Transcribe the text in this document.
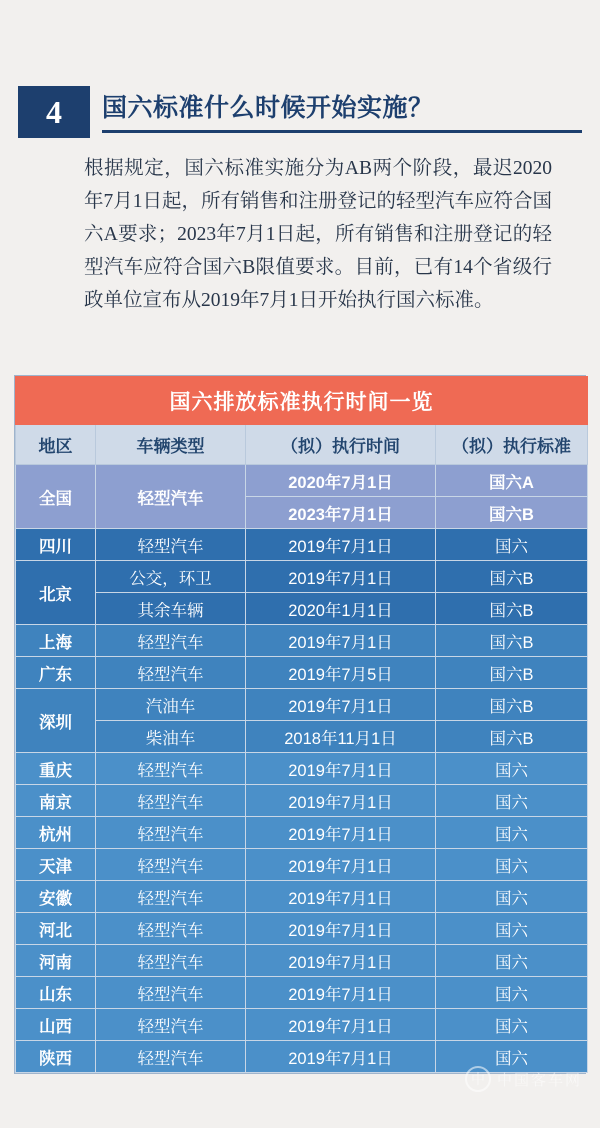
4	国六标准什么时候开始实施？
根据规定，国六标准实施分为AB两个阶段，最迟2020年7月1日起，所有销售和注册登记的轻型汽车应符合国六A要求；2023年7月1日起，所有销售和注册登记的轻型汽车应符合国六B限值要求。目前，已有14个省级行政单位宣布从2019年7月1日开始执行国六标准。
国六排放标准执行时间一览			
地区	车辆类型	（拟）执行时间	（拟）执行标准
全国	轻型汽车	2020年7月1日	国六A
		2023年7月1日	国六B
四川	轻型汽车	2019年7月1日	国六
北京	公交，环卫	2019年7月1日	国六B
	其余车辆	2020年1月1日	国六B
上海	轻型汽车	2019年7月1日	国六B
广东	轻型汽车	2019年7月5日	国六B
深圳	汽油车	2019年7月1日	国六B
	柴油车	2018年11月1日	国六B
重庆	轻型汽车	2019年7月1日	国六
南京	轻型汽车	2019年7月1日	国六
杭州	轻型汽车	2019年7月1日	国六
天津	轻型汽车	2019年7月1日	国六
安徽	轻型汽车	2019年7月1日	国六
河北	轻型汽车	2019年7月1日	国六
河南	轻型汽车	2019年7月1日	国六
山东	轻型汽车	2019年7月1日	国六
山西	轻型汽车	2019年7月1日	国六
陕西	轻型汽车	2019年7月1日	国六
中 中国客车网
